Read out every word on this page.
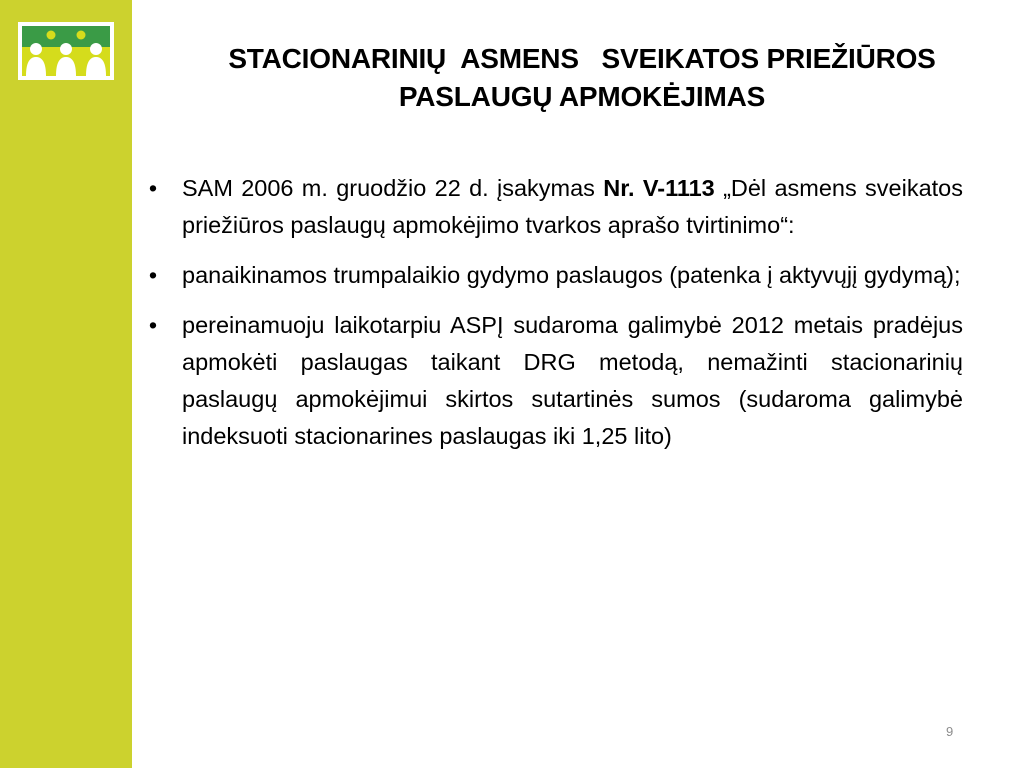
STACIONARINIŲ  ASMENS   SVEIKATOS PRIEŽIŪROS
PASLAUGŲ APMOKĖJIMAS
• SAM 2006 m. gruodžio 22 d. įsakymas Nr. V-1113 „Dėl asmens sveikatos priežiūros paslaugų apmokėjimo tvarkos aprašo tvirtinimo“:
• panaikinamos trumpalaikio gydymo paslaugos (patenka į aktyvųjį gydymą);
• pereinamuoju laikotarpiu ASPĮ sudaroma galimybė 2012 metais pradėjus apmokėti paslaugas taikant DRG metodą, nemažinti stacionarinių paslaugų apmokėjimui skirtos sutartinės sumos (sudaroma galimybė indeksuoti stacionarines paslaugas iki 1,25 lito)
9
